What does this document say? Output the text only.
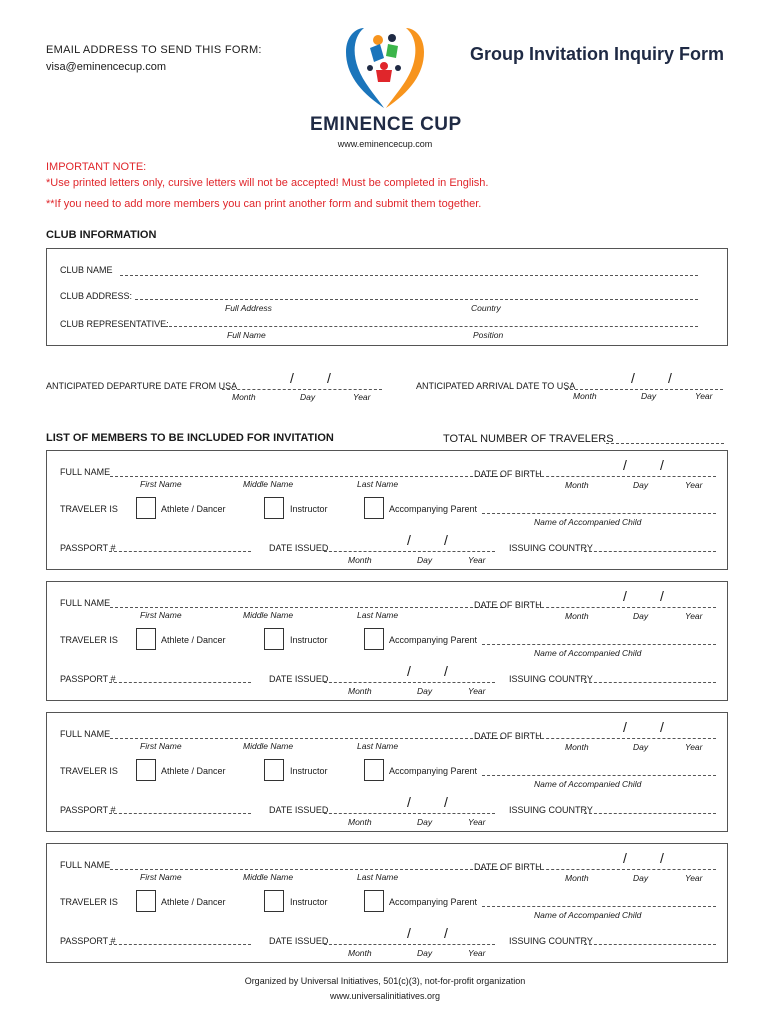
EMAIL ADDRESS TO SEND THIS FORM:
visa@eminencecup.com
Group Invitation Inquiry Form
EMINENCE CUP
www.eminencecup.com
IMPORTANT NOTE:
*Use printed letters only, cursive letters will not be accepted! Must be completed in English.
**If you need to add more members you can print another form and submit them together.
CLUB INFORMATION
CLUB NAME
CLUB ADDRESS:
Full Address	Country
CLUB REPRESENTATIVE:
Full Name	Position
ANTICIPATED DEPARTURE DATE FROM USA	/ /
Month	Day	Year
ANTICIPATED ARRIVAL DATE TO USA	/ /
Month	Day	Year
LIST OF MEMBERS TO BE INCLUDED FOR INVITATION	TOTAL NUMBER OF TRAVELERS
FULL NAME
First Name	Middle Name	Last Name
DATE OF BIRTH
/ /
Month	Day	Year
TRAVELER IS	Athlete / Dancer	Instructor	Accompanying Parent
Name of Accompanied Child
PASSPORT #	DATE ISSUED	/ /
Month	Day	Year
ISSUING COUNTRY
FULL NAME
First Name	Middle Name	Last Name
DATE OF BIRTH
/ /
Month	Day	Year
TRAVELER IS	Athlete / Dancer	Instructor	Accompanying Parent
Name of Accompanied Child
PASSPORT #	DATE ISSUED	/ /
Month	Day	Year
ISSUING COUNTRY
FULL NAME
First Name	Middle Name	Last Name
DATE OF BIRTH
/ /
Month	Day	Year
TRAVELER IS	Athlete / Dancer	Instructor	Accompanying Parent
Name of Accompanied Child
PASSPORT #	DATE ISSUED	/ /
Month	Day	Year
ISSUING COUNTRY
FULL NAME
First Name	Middle Name	Last Name
DATE OF BIRTH
/ /
Month	Day	Year
TRAVELER IS	Athlete / Dancer	Instructor	Accompanying Parent
Name of Accompanied Child
PASSPORT #	DATE ISSUED	/ /
Month	Day	Year
ISSUING COUNTRY
Organized by Universal Initiatives, 501(c)(3), not-for-profit organization
www.universalinitiatives.org
